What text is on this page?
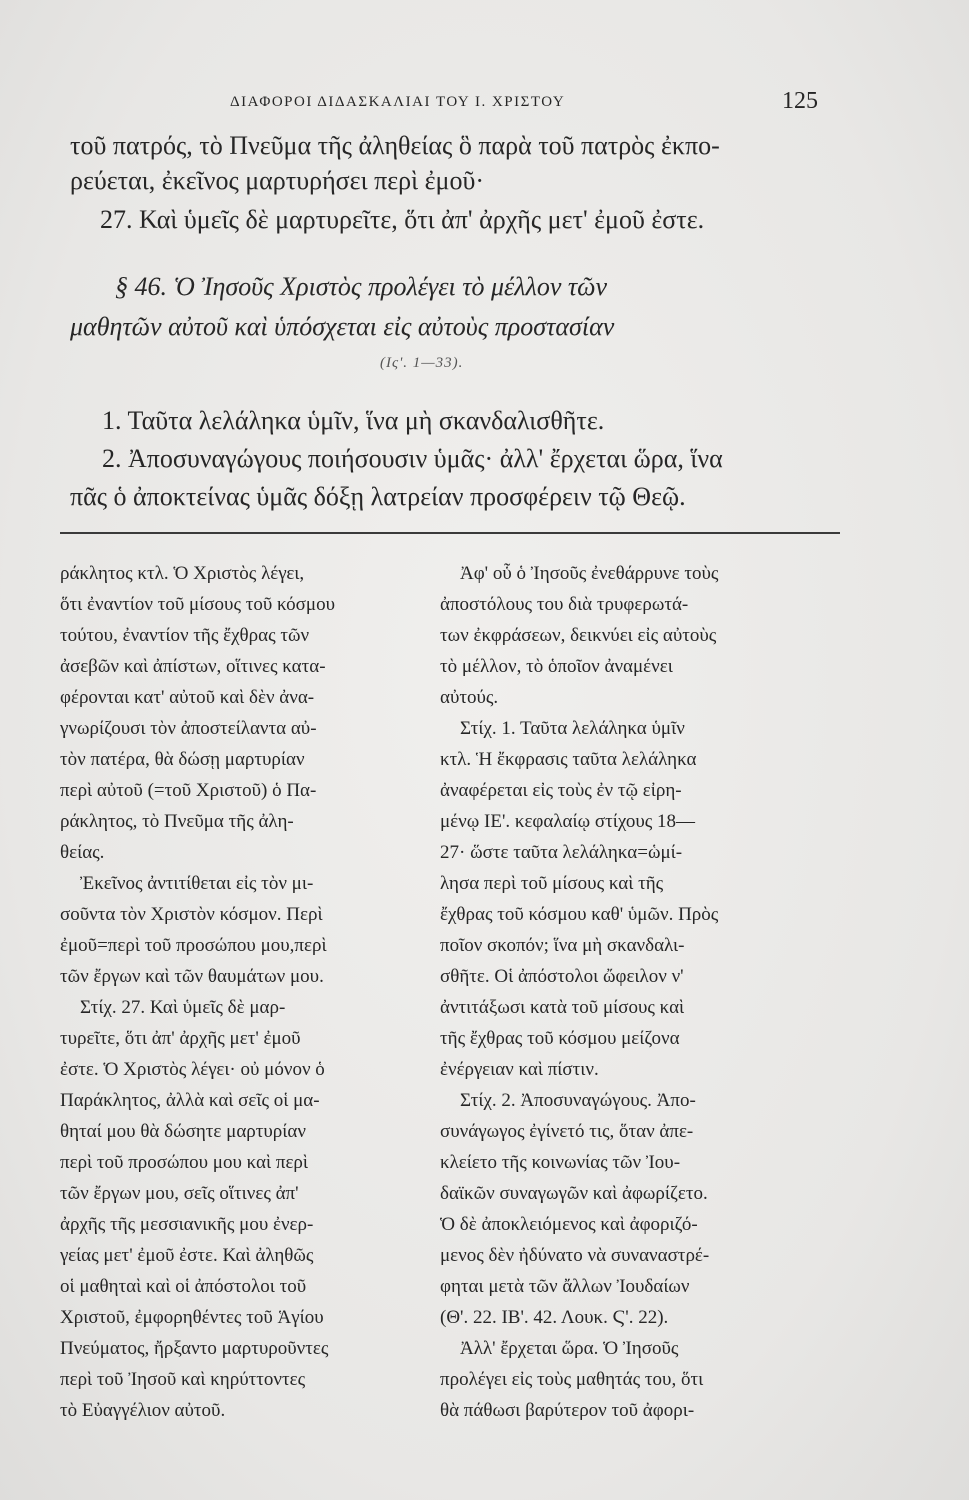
ΔΙΑΦΟΡΟΙ ΔΙΔΑΣΚΑΛΙΑΙ ΤΟΥ Ι. ΧΡΙΣΤΟΥ	125
τοῦ πατρός, τὸ Πνεῦμα τῆς ἀληθείας ὃ παρὰ τοῦ πατρὸς ἐκπο-
ρεύεται, ἐκεῖνος μαρτυρήσει περὶ ἐμοῦ·
27. Καὶ ὑμεῖς δὲ μαρτυρεῖτε, ὅτι ἀπ' ἀρχῆς μετ' ἐμοῦ ἐστε.
§ 46. Ὁ Ἰησοῦς Χριστὸς προλέγει τὸ μέλλον τῶν
μαθητῶν αὐτοῦ καὶ ὑπόσχεται εἰς αὐτοὺς προστασίαν
(Ις'. 1—33).
1. Ταῦτα λελάληκα ὑμῖν, ἵνα μὴ σκανδαλισθῆτε.
2. Ἀποσυναγώγους ποιήσουσιν ὑμᾶς· ἀλλ' ἔρχεται ὥρα, ἵνα
πᾶς ὁ ἀποκτείνας ὑμᾶς δόξῃ λατρείαν προσφέρειν τῷ Θεῷ.
ράκλητος κτλ. Ὁ Χριστὸς λέγει,
ὅτι ἐναντίον τοῦ μίσους τοῦ κόσμου
τούτου, ἐναντίον τῆς ἔχθρας τῶν
ἀσεβῶν καὶ ἀπίστων, οἵτινες κατα-
φέρονται κατ' αὐτοῦ καὶ δὲν ἀνα-
γνωρίζουσι τὸν ἀποστείλαντα αὐ-
τὸν πατέρα, θὰ δώσῃ μαρτυρίαν
περὶ αὐτοῦ (=τοῦ Χριστοῦ) ὁ Πα-
ράκλητος, τὸ Πνεῦμα τῆς ἀλη-
θείας.
Ἐκεῖνος ἀντιτίθεται εἰς τὸν μι-
σοῦντα τὸν Χριστὸν κόσμον. Περὶ
ἐμοῦ=περὶ τοῦ προσώπου μου,περὶ
τῶν ἔργων καὶ τῶν θαυμάτων μου.
Στίχ. 27. Καὶ ὑμεῖς δὲ μαρ-
τυρεῖτε, ὅτι ἀπ' ἀρχῆς μετ' ἐμοῦ
ἐστε. Ὁ Χριστὸς λέγει· οὐ μόνον ὁ
Παράκλητος, ἀλλὰ καὶ σεῖς οἱ μα-
θηταί μου θὰ δώσητε μαρτυρίαν
περὶ τοῦ προσώπου μου καὶ περὶ
τῶν ἔργων μου, σεῖς οἵτινες ἀπ'
ἀρχῆς τῆς μεσσιανικῆς μου ἐνερ-
γείας μετ' ἐμοῦ ἐστε. Καὶ ἀληθῶς
οἱ μαθηταὶ καὶ οἱ ἀπόστολοι τοῦ
Χριστοῦ, ἐμφορηθέντες τοῦ Ἁγίου
Πνεύματος, ἤρξαντο μαρτυροῦντες
περὶ τοῦ Ἰησοῦ καὶ κηρύττοντες
τὸ Εὐαγγέλιον αὐτοῦ.
Ἀφ' οὗ ὁ Ἰησοῦς ἐνεθάρρυνε τοὺς
ἀποστόλους του διὰ τρυφερωτά-
των ἐκφράσεων, δεικνύει εἰς αὐτοὺς
τὸ μέλλον, τὸ ὁποῖον ἀναμένει
αὐτούς.
Στίχ. 1. Ταῦτα λελάληκα ὑμῖν
κτλ. Ἡ ἔκφρασις ταῦτα λελάληκα
ἀναφέρεται εἰς τοὺς ἐν τῷ εἰρη-
μένῳ ΙΕ'. κεφαλαίῳ στίχους 18—
27· ὥστε ταῦτα λελάληκα=ὡμί-
λησα περὶ τοῦ μίσους καὶ τῆς
ἔχθρας τοῦ κόσμου καθ' ὑμῶν. Πρὸς
ποῖον σκοπόν; ἵνα μὴ σκανδαλι-
σθῆτε. Οἱ ἀπόστολοι ὤφειλον ν'
ἀντιτάξωσι κατὰ τοῦ μίσους καὶ
τῆς ἔχθρας τοῦ κόσμου μείζονα
ἐνέργειαν καὶ πίστιν.
Στίχ. 2. Ἀποσυναγώγους. Ἀπο-
συνάγωγος ἐγίνετό τις, ὅταν ἀπε-
κλείετο τῆς κοινωνίας τῶν Ἰου-
δαϊκῶν συναγωγῶν καὶ ἀφωρίζετο.
Ὁ δὲ ἀποκλειόμενος καὶ ἀφοριζό-
μενος δὲν ἠδύνατο νὰ συναναστρέ-
φηται μετὰ τῶν ἄλλων Ἰουδαίων
(Θ'. 22. ΙΒ'. 42. Λουκ. Ϛ'. 22).
Ἀλλ' ἔρχεται ὥρα. Ὁ Ἰησοῦς
προλέγει εἰς τοὺς μαθητάς του, ὅτι
θὰ πάθωσι βαρύτερον τοῦ ἀφορι-
